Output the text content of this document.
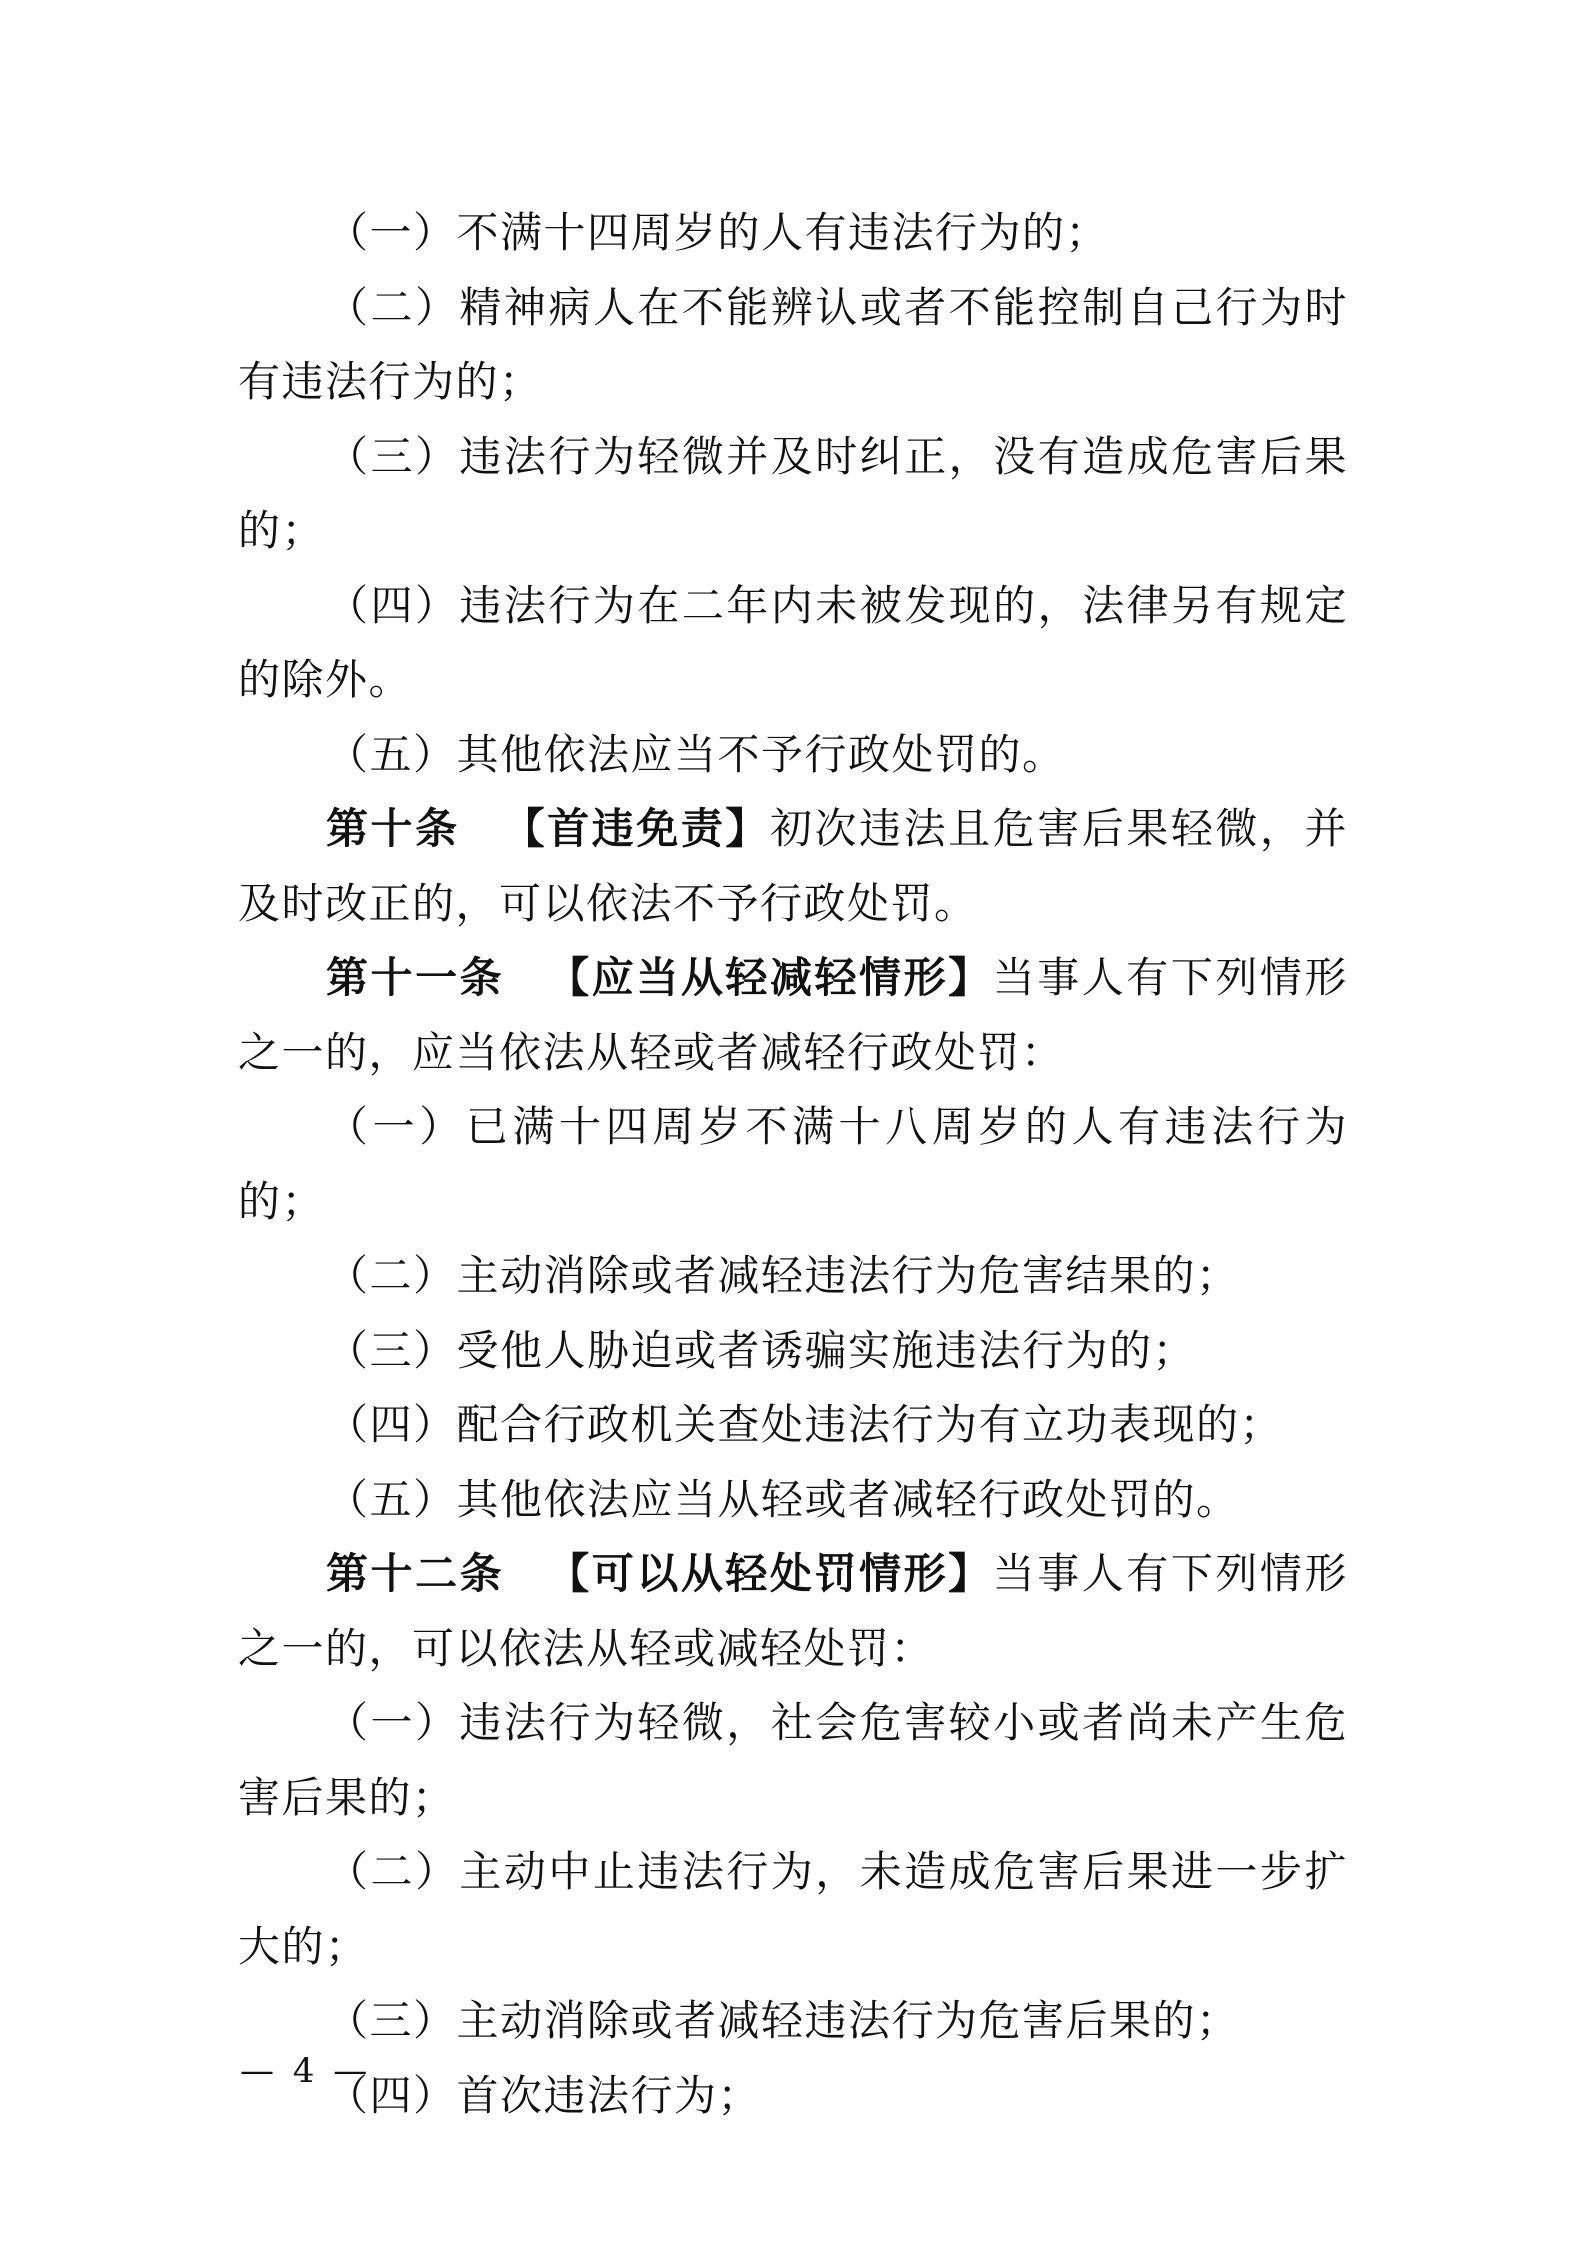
（一）不满十四周岁的人有违法行为的；

（二）精神病人在不能辨认或者不能控制自己行为时有违法行为的；

（三）违法行为轻微并及时纠正，没有造成危害后果的；

（四）违法行为在二年内未被发现的，法律另有规定的除外。

（五）其他依法应当不予行政处罚的。

第十条 【首违免责】初次违法且危害后果轻微，并及时改正的，可以依法不予行政处罚。

第十一条 【应当从轻减轻情形】当事人有下列情形之一的，应当依法从轻或者减轻行政处罚：

（一）已满十四周岁不满十八周岁的人有违法行为的；

（二）主动消除或者减轻违法行为危害结果的；

（三）受他人胁迫或者诱骗实施违法行为的；

（四）配合行政机关查处违法行为有立功表现的；

（五）其他依法应当从轻或者减轻行政处罚的。

第十二条 【可以从轻处罚情形】当事人有下列情形之一的，可以依法从轻或减轻处罚：

（一）违法行为轻微，社会危害较小或者尚未产生危害后果的；

（二）主动中止违法行为，未造成危害后果进一步扩大的；

（三）主动消除或者减轻违法行为危害后果的；

（四）首次违法行为；

— 4 —
